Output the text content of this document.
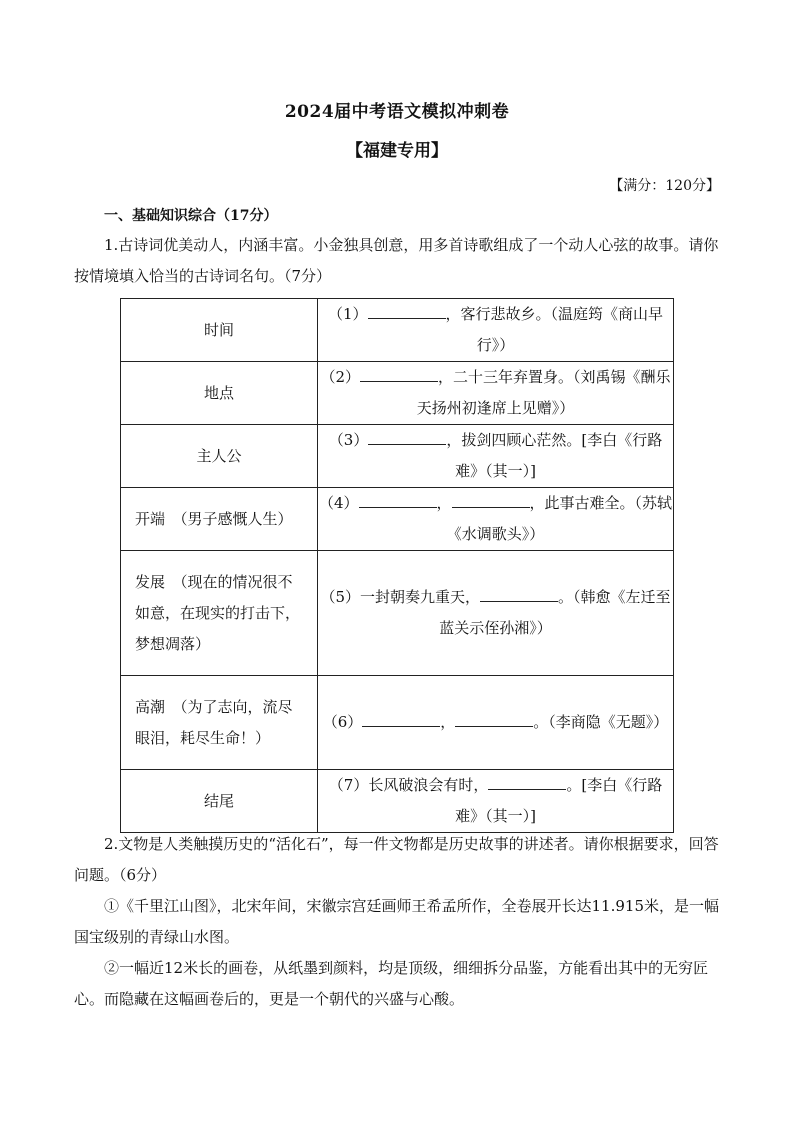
2024届中考语文模拟冲刺卷
【福建专用】
【满分：120分】
一、基础知识综合（17分）
1.古诗词优美动人，内涵丰富。小金独具创意，用多首诗歌组成了一个动人心弦的故事。请你按情境填入恰当的古诗词名句。（7分）
时间	（1） ，客行悲故乡。（温庭筠《商山早行》）
地点	（2） ，二十三年弃置身。（刘禹锡《酬乐天扬州初逢席上见赠》）
主人公	（3） ，拔剑四顾心茫然。[李白《行路难》（其一）]
开端　（男子感慨人生）	（4） ， ，此事古难全。（苏轼《水调歌头》）
发展　（现在的情况很不如意，在现实的打击下，梦想凋落）	（5）一封朝奏九重天， 。（韩愈《左迁至蓝关示侄孙湘》）
高潮　（为了志向，流尽眼泪，耗尽生命！）	（6） ， 。（李商隐《无题》）
结尾	（7）长风破浪会有时， 。[李白《行路难》（其一）]
2.文物是人类触摸历史的“活化石”，每一件文物都是历史故事的讲述者。请你根据要求，回答问题。（6分）
①《千里江山图》，北宋年间，宋徽宗宫廷画师王希孟所作，全卷展开长达11.915米，是一幅国宝级别的青绿山水图。
②一幅近12米长的画卷，从纸墨到颜料，均是顶级，细细拆分品鉴，方能看出其中的无穷匠心。而隐藏在这幅画卷后的，更是一个朝代的兴盛与心酸。
